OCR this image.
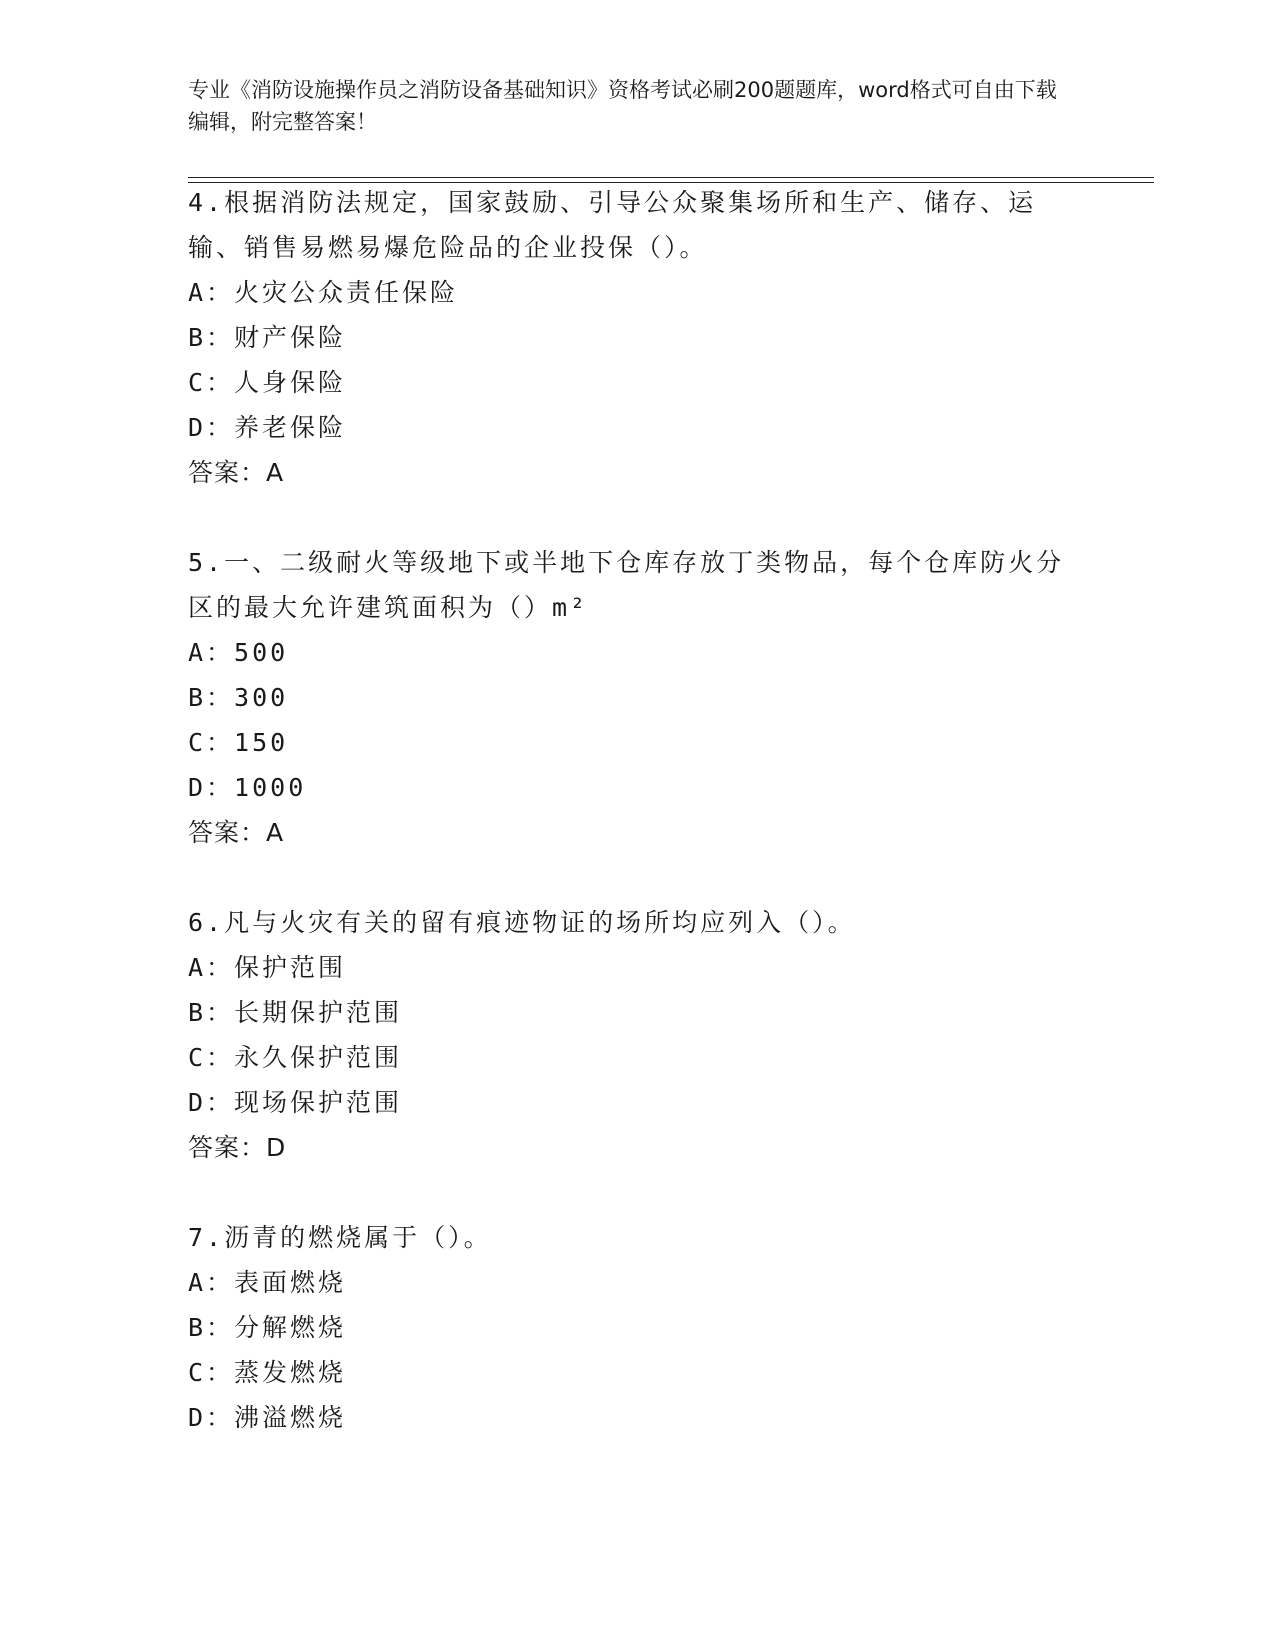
专业《消防设施操作员之消防设备基础知识》资格考试必刷200题题库，word格式可自由下载编辑，附完整答案！
4.根据消防法规定，国家鼓励、引导公众聚集场所和生产、储存、运输、销售易燃易爆危险品的企业投保（）。
A：火灾公众责任保险
B：财产保险
C：人身保险
D：养老保险
答案：A
5.一、二级耐火等级地下或半地下仓库存放丁类物品，每个仓库防火分区的最大允许建筑面积为（）m²
A：500
B：300
C：150
D：1000
答案：A
6.凡与火灾有关的留有痕迹物证的场所均应列入（）。
A：保护范围
B：长期保护范围
C：永久保护范围
D：现场保护范围
答案：D
7.沥青的燃烧属于（）。
A：表面燃烧
B：分解燃烧
C：蒸发燃烧
D：沸溢燃烧
